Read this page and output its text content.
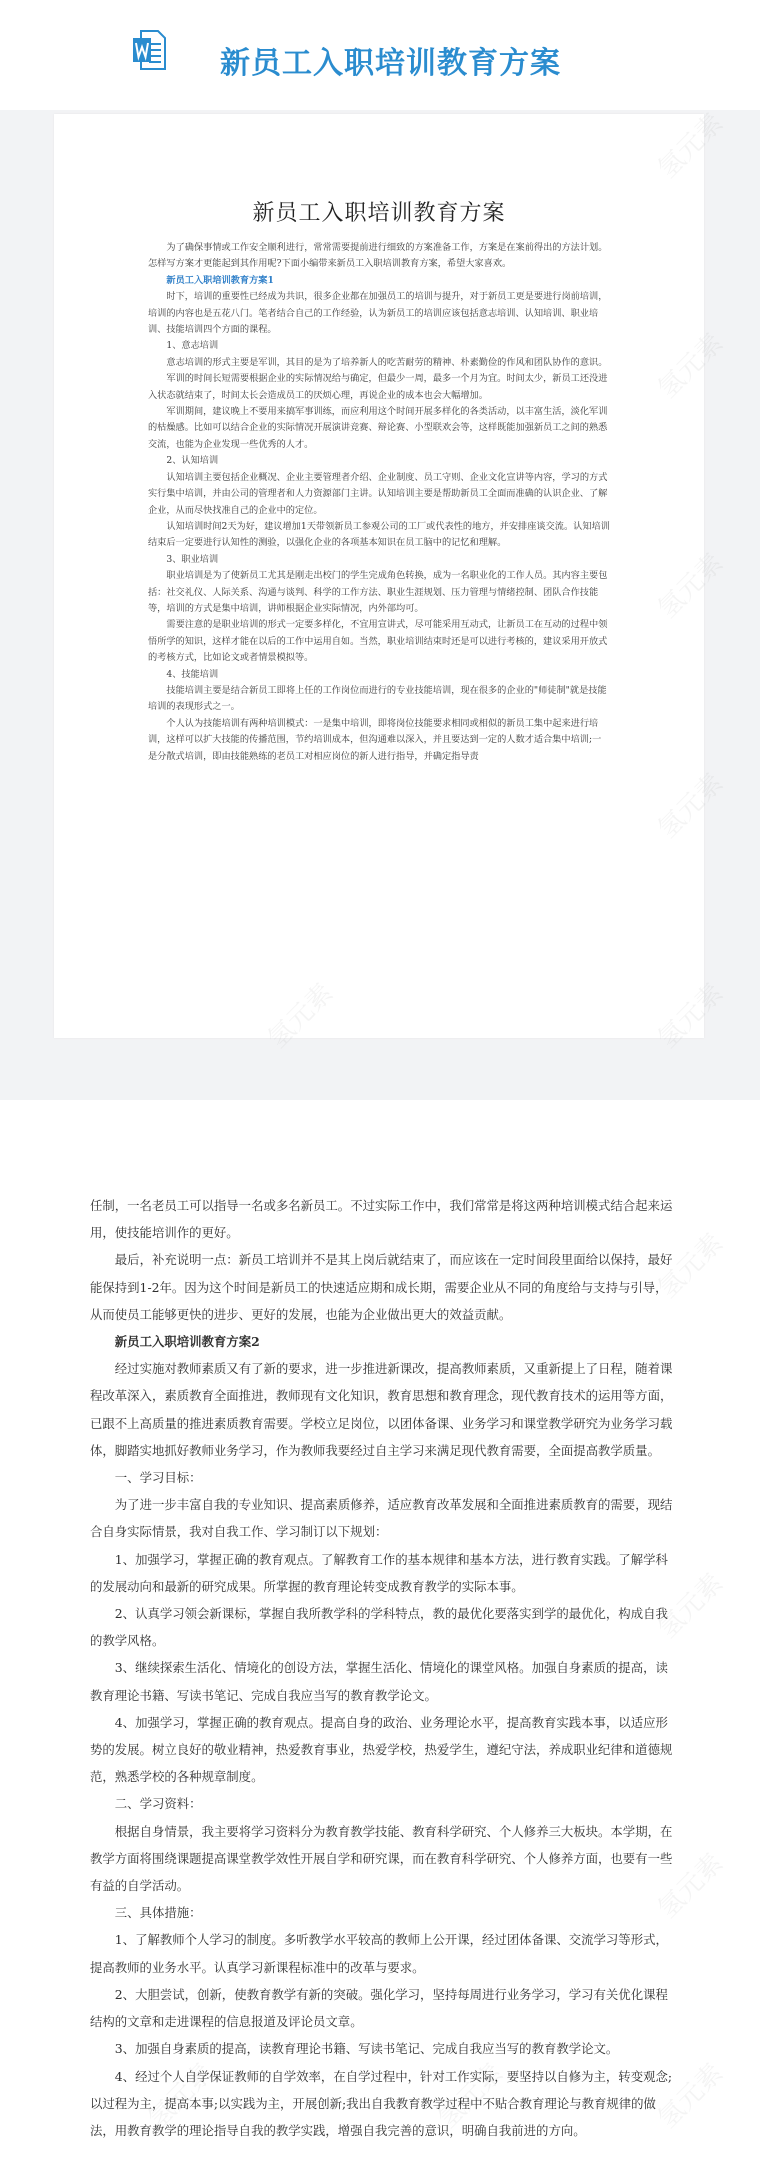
新员工入职培训教育方案
新员工入职培训教育方案

为了确保事情或工作安全顺利进行，常常需要提前进行细致的方案准备工作，方案是在案前得出的方法计划。怎样写方案才更能起到其作用呢?下面小编带来新员工入职培训教育方案，希望大家喜欢。

新员工入职培训教育方案1

时下，培训的重要性已经成为共识，很多企业都在加强员工的培训与提升，对于新员工更是要进行岗前培训，培训的内容也是五花八门。笔者结合自己的工作经验，认为新员工的培训应该包括意志培训、认知培训、职业培训、技能培训四个方面的课程。

1、意志培训

意志培训的形式主要是军训，其目的是为了培养新人的吃苦耐劳的精神、朴素勤俭的作风和团队协作的意识。

军训的时间长短需要根据企业的实际情况给与确定，但最少一周，最多一个月为宜。时间太少，新员工还没进入状态就结束了，时间太长会造成员工的厌烦心理，再说企业的成本也会大幅增加。

军训期间，建议晚上不要用来搞军事训练，而应利用这个时间开展多样化的各类活动，以丰富生活，淡化军训的枯燥感。比如可以结合企业的实际情况开展演讲竞赛、辩论赛、小型联欢会等，这样既能加强新员工之间的熟悉交流，也能为企业发现一些优秀的人才。

2、认知培训

认知培训主要包括企业概况、企业主要管理者介绍、企业制度、员工守则、企业文化宣讲等内容，学习的方式实行集中培训，并由公司的管理者和人力资源部门主讲。认知培训主要是帮助新员工全面而准确的认识企业、了解企业，从而尽快找准自己的企业中的定位。

认知培训时间2天为好，建议增加1天带领新员工参观公司的工厂或代表性的地方，并安排座谈交流。认知培训结束后一定要进行认知性的测验，以强化企业的各项基本知识在员工脑中的记忆和理解。

3、职业培训

职业培训是为了使新员工尤其是刚走出校门的学生完成角色转换，成为一名职业化的工作人员。其内容主要包括：社交礼仪、人际关系、沟通与谈判、科学的工作方法、职业生涯规划、压力管理与情绪控制、团队合作技能等，培训的方式是集中培训，讲师根据企业实际情况，内外部均可。

需要注意的是职业培训的形式一定要多样化，不宜用宣讲式，尽可能采用互动式，让新员工在互动的过程中领悟所学的知识，这样才能在以后的工作中运用自如。当然，职业培训结束时还是可以进行考核的，建议采用开放式的考核方式，比如论文或者情景模拟等。

4、技能培训

技能培训主要是结合新员工即将上任的工作岗位而进行的专业技能培训，现在很多的企业的"师徒制"就是技能培训的表现形式之一。

个人认为技能培训有两种培训模式：一是集中培训，即将岗位技能要求相同或相似的新员工集中起来进行培训，这样可以扩大技能的传播范围，节约培训成本，但沟通难以深入，并且要达到一定的人数才适合集中培训;一是分散式培训，即由技能熟练的老员工对相应岗位的新人进行指导，并确定指导责

任制，一名老员工可以指导一名或多名新员工。不过实际工作中，我们常常是将这两种培训模式结合起来运用，使技能培训作的更好。

最后，补充说明一点：新员工培训并不是其上岗后就结束了，而应该在一定时间段里面给以保持，最好能保持到1-2年。因为这个时间是新员工的快速适应期和成长期，需要企业从不同的角度给与支持与引导，从而使员工能够更快的进步、更好的发展，也能为企业做出更大的效益贡献。

新员工入职培训教育方案2

经过实施对教师素质又有了新的要求，进一步推进新课改，提高教师素质，又重新提上了日程，随着课程改革深入，素质教育全面推进，教师现有文化知识，教育思想和教育理念，现代教育技术的运用等方面，已跟不上高质量的推进素质教育需要。学校立足岗位，以团体备课、业务学习和课堂教学研究为业务学习载体，脚踏实地抓好教师业务学习，作为教师我要经过自主学习来满足现代教育需要，全面提高教学质量。

一、学习目标：

为了进一步丰富自我的专业知识、提高素质修养，适应教育改革发展和全面推进素质教育的需要，现结合自身实际情景，我对自我工作、学习制订以下规划：

1、加强学习，掌握正确的教育观点。了解教育工作的基本规律和基本方法，进行教育实践。了解学科的发展动向和最新的研究成果。所掌握的教育理论转变成教育教学的实际本事。

2、认真学习领会新课标，掌握自我所教学科的学科特点，教的最优化要落实到学的最优化，构成自我的教学风格。

3、继续探索生活化、情境化的创设方法，掌握生活化、情境化的课堂风格。加强自身素质的提高，读教育理论书籍、写读书笔记、完成自我应当写的教育教学论文。

4、加强学习，掌握正确的教育观点。提高自身的政治、业务理论水平，提高教育实践本事，以适应形势的发展。树立良好的敬业精神，热爱教育事业，热爱学校，热爱学生，遵纪守法，养成职业纪律和道德规范，熟悉学校的各种规章制度。

二、学习资料：

根据自身情景，我主要将学习资料分为教育教学技能、教育科学研究、个人修养三大板块。本学期，在教学方面将围绕课题提高课堂教学效性开展自学和研究课，而在教育科学研究、个人修养方面，也要有一些有益的自学活动。

三、具体措施：

1、了解教师个人学习的制度。多听教学水平较高的教师上公开课，经过团体备课、交流学习等形式，提高教师的业务水平。认真学习新课程标准中的改革与要求。

2、大胆尝试，创新，使教育教学有新的突破。强化学习，坚持每周进行业务学习，学习有关优化课程结构的文章和走进课程的信息报道及评论员文章。

3、加强自身素质的提高，读教育理论书籍、写读书笔记、完成自我应当写的教育教学论文。

4、经过个人自学保证教师的自学效率，在自学过程中，针对工作实际，要坚持以自修为主，转变观念;以过程为主，提高本事;以实践为主，开展创新;我出自我教育教学过程中不贴合教育理论与教育规律的做法，用教育教学的理论指导自我的教学实践，增强自我完善的意识，明确自我前进的方向。
